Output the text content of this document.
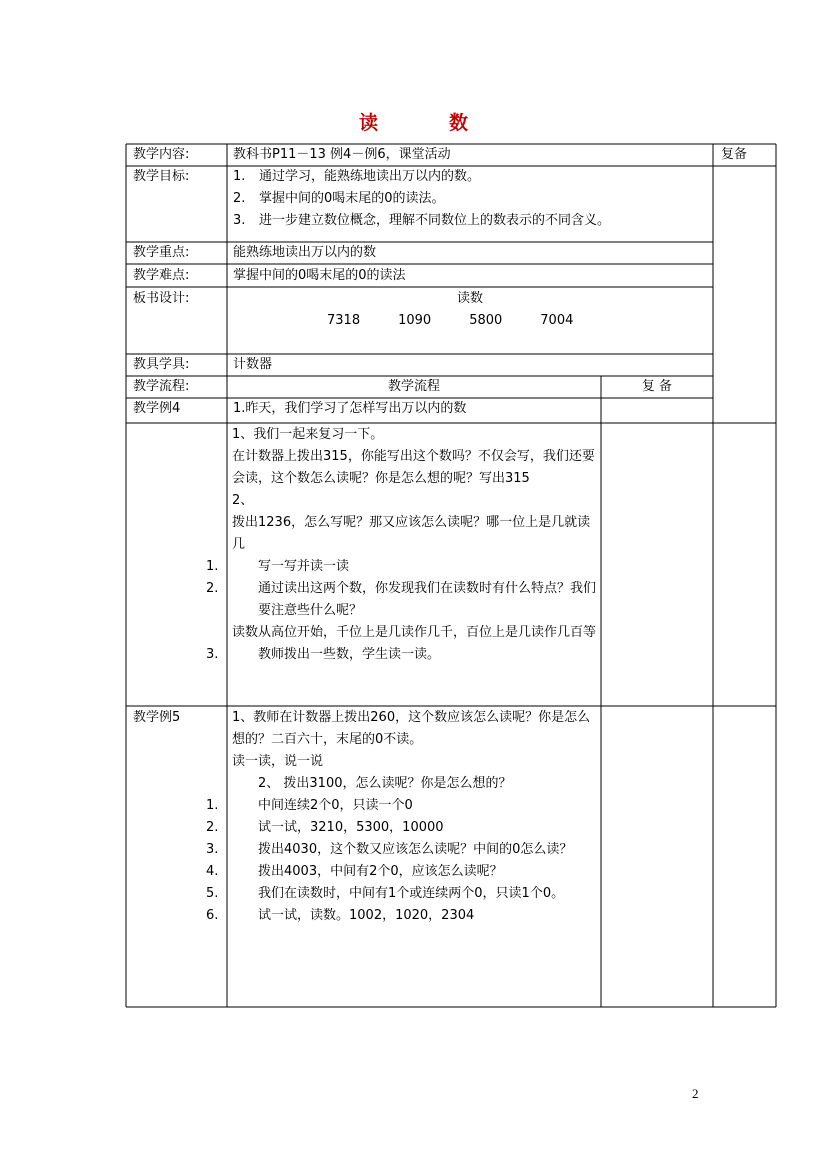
读　数
教学内容:	教科书P11－13 例4－例6，课堂活动	复备
教学目标:	1. 通过学习，能熟练地读出万以内的数。
2. 掌握中间的0喝末尾的0的读法。
3. 进一步建立数位概念，理解不同数位上的数表示的不同含义。
教学重点:	能熟练地读出万以内的数
教学难点:	掌握中间的0喝末尾的0的读法
板书设计:	读数
7318	1090	5800	7004
教具学具:	计数器
教学流程:	教学流程	复 备
教学例4	1.昨天，我们学习了怎样写出万以内的数
1、我们一起来复习一下。
在计数器上拨出315，你能写出这个数吗？不仅会写，我们还要会读，这个数怎么读呢？你是怎么想的呢？写出315
2、
拨出1236，怎么写呢？那又应该怎么读呢？哪一位上是几就读几
1.	写一写并读一读
2.	通过读出这两个数，你发现我们在读数时有什么特点？我们要注意些什么呢？
读数从高位开始，千位上是几读作几千，百位上是几读作几百等
3.	教师拨出一些数，学生读一读。
教学例5	1、教师在计数器上拨出260，这个数应该怎么读呢？你是怎么想的？二百六十，末尾的0不读。
读一读，说一说
2、 拨出3100，怎么读呢？你是怎么想的？
1.	中间连续2个0，只读一个0
2.	试一试，3210，5300，10000
3.	拨出4030，这个数又应该怎么读呢？中间的0怎么读？
4.	拨出4003，中间有2个0，应该怎么读呢？
5.	我们在读数时，中间有1个或连续两个0，只读1个0。
6.	试一试，读数。1002，1020，2304
2
